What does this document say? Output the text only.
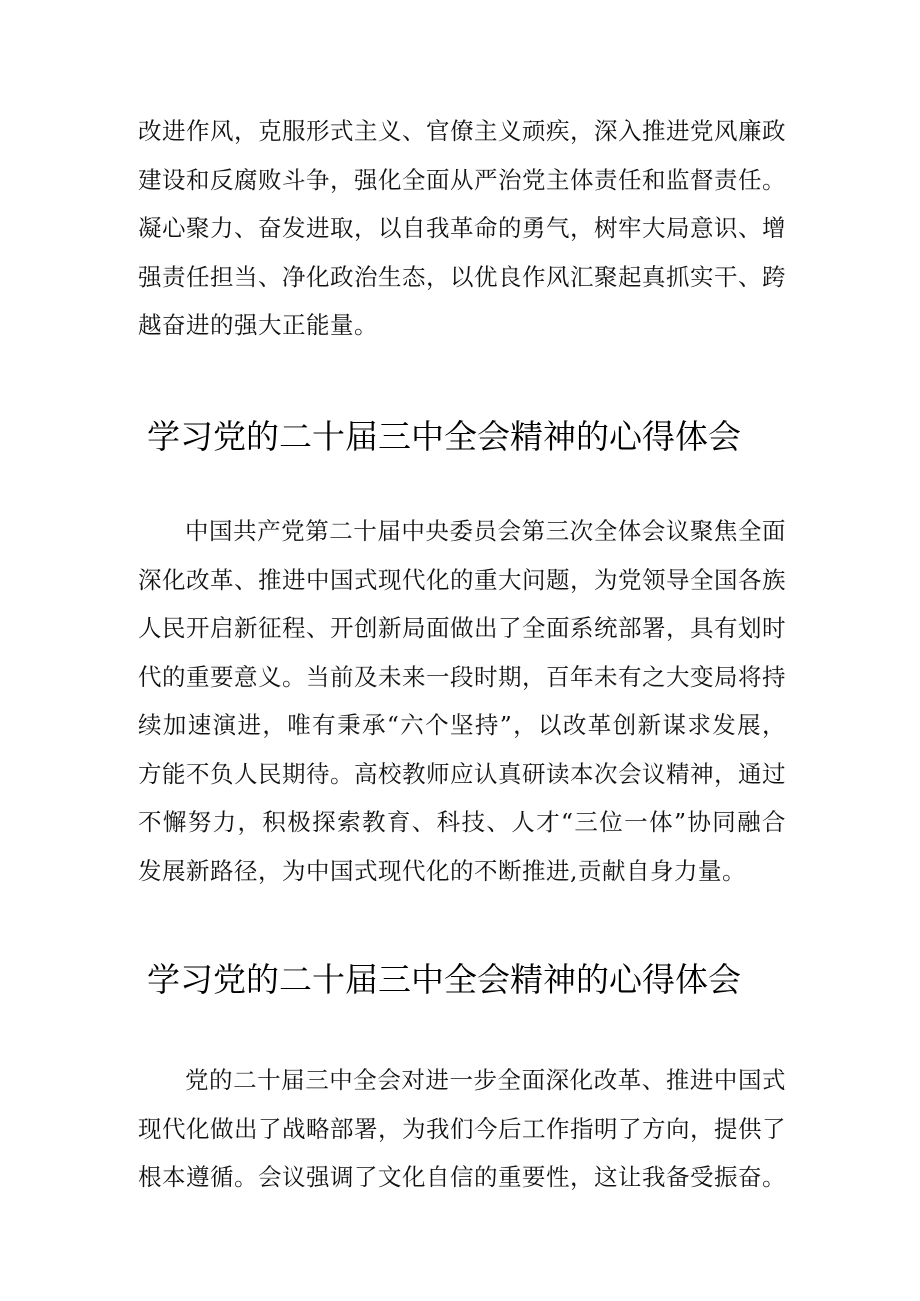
改进作风，克服形式主义、官僚主义顽疾，深入推进党风廉政建设和反腐败斗争，强化全面从严治党主体责任和监督责任。凝心聚力、奋发进取，以自我革命的勇气，树牢大局意识、增强责任担当、净化政治生态，以优良作风汇聚起真抓实干、跨越奋进的强大正能量。

学习党的二十届三中全会精神的心得体会

中国共产党第二十届中央委员会第三次全体会议聚焦全面深化改革、推进中国式现代化的重大问题，为党领导全国各族人民开启新征程、开创新局面做出了全面系统部署，具有划时代的重要意义。当前及未来一段时期，百年未有之大变局将持续加速演进，唯有秉承“六个坚持”，以改革创新谋求发展，方能不负人民期待。高校教师应认真研读本次会议精神，通过不懈努力，积极探索教育、科技、人才“三位一体”协同融合发展新路径，为中国式现代化的不断推进,贡献自身力量。

学习党的二十届三中全会精神的心得体会

党的二十届三中全会对进一步全面深化改革、推进中国式现代化做出了战略部署，为我们今后工作指明了方向，提供了根本遵循。会议强调了文化自信的重要性，这让我备受振奋。
